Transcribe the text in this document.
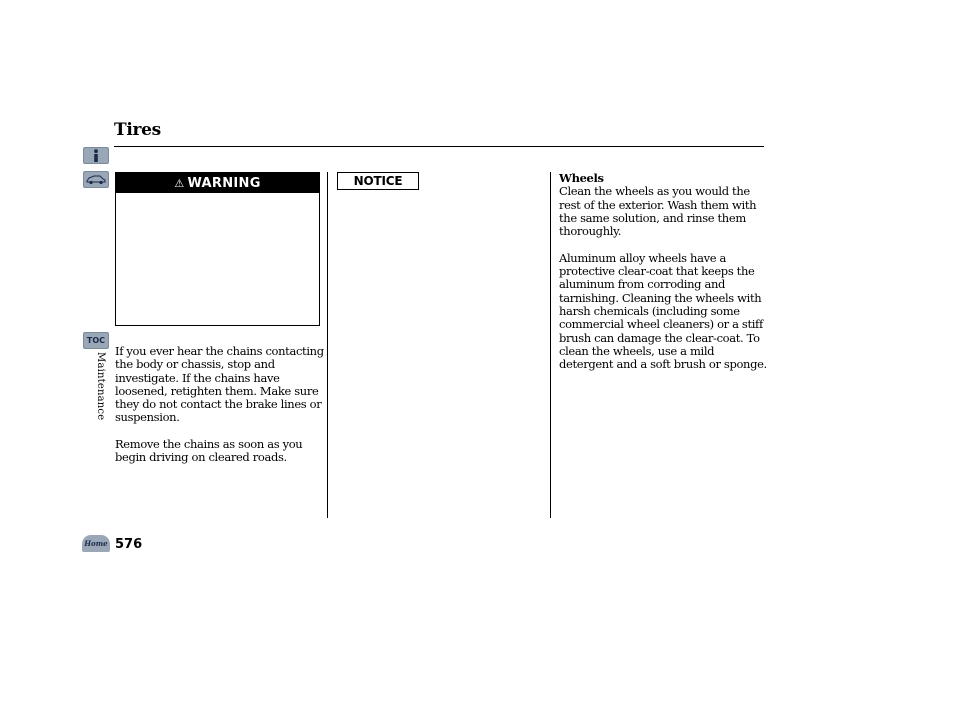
Tires
TOC
Maintenance
⚠ WARNING	NOTICE

If you ever hear the chains contacting the body or chassis, stop and investigate. If the chains have loosened, retighten them. Make sure they do not contact the brake lines or suspension.

Remove the chains as soon as you begin driving on cleared roads.

Wheels

Clean the wheels as you would the rest of the exterior. Wash them with the same solution, and rinse them thoroughly.

Aluminum alloy wheels have a protective clear-coat that keeps the aluminum from corroding and tarnishing. Cleaning the wheels with harsh chemicals (including some commercial wheel cleaners) or a stiff brush can damage the clear-coat. To clean the wheels, use a mild detergent and a soft brush or sponge.

Home 576
